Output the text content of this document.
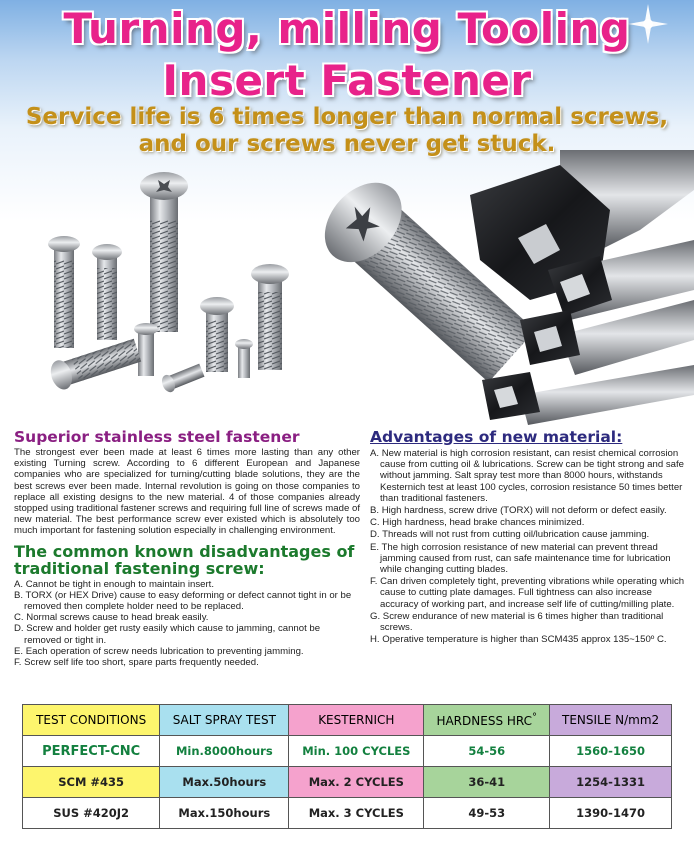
Turning, milling Tooling
Insert Fastener
Service life is 6 times longer than normal screws,
and our screws never get stuck.
Superior stainless steel fastener

The strongest ever been made at least 6 times more lasting than any other existing Turning screw. According to 6 different European and Japanese companies who are specialized for turning/cutting blade solutions, they are the best screws ever been made. Internal revolution is going on those companies to replace all existing designs to the new material. 4 of those companies already stopped using traditional fastener screws and requiring full line of screws made of new material. The best performance screw ever existed which is absolutely too much important for fastening solution especially in challenging environment.

The common known disadvantages of
traditional fastening screw:
A. Cannot be tight in enough to maintain insert.
B. TORX (or HEX Drive) cause to easy deforming or defect cannot tight in or be removed then complete holder need to be replaced.
C. Normal screws cause to head break easily.
D. Screw and holder get rusty easily which cause to jamming, cannot be removed or tight in.
E. Each operation of screw needs lubrication to preventing jamming.
F. Screw self life too short, spare parts frequently needed.
Advantages of new material:
A. New material is high corrosion resistant, can resist chemical corrosion cause from cutting oil & lubrications. Screw can be tight strong and safe without jamming. Salt spray test more than 8000 hours, withstands Kesternich test at least 100 cycles, corrosion resistance 50 times better than traditional fasteners.
B. High hardness, screw drive (TORX) will not deform or defect easily.
C. High hardness, head brake chances minimized.
D. Threads will not rust from cutting oil/lubrication cause jamming.
E. The high corrosion resistance of new material can prevent thread jamming caused from rust, can safe maintenance time for lubrication while changing cutting blades.
F. Can driven completely tight, preventing vibrations while operating which cause to cutting plate damages. Full tightness can also increase accuracy of working part, and increase self life of cutting/milling plate.
G. Screw endurance of new material is 6 times higher than traditional screws.
H. Operative temperature is higher than SCM435 approx 135~150º C.
TEST CONDITIONS	SALT SPRAY TEST	KESTERNICH	HARDNESS HRC°	TENSILE N/mm2
PERFECT-CNC	Min.8000hours	Min. 100 CYCLES	54-56	1560-1650
SCM #435	Max.50hours	Max. 2 CYCLES	36-41	1254-1331
SUS #420J2	Max.150hours	Max. 3 CYCLES	49-53	1390-1470
